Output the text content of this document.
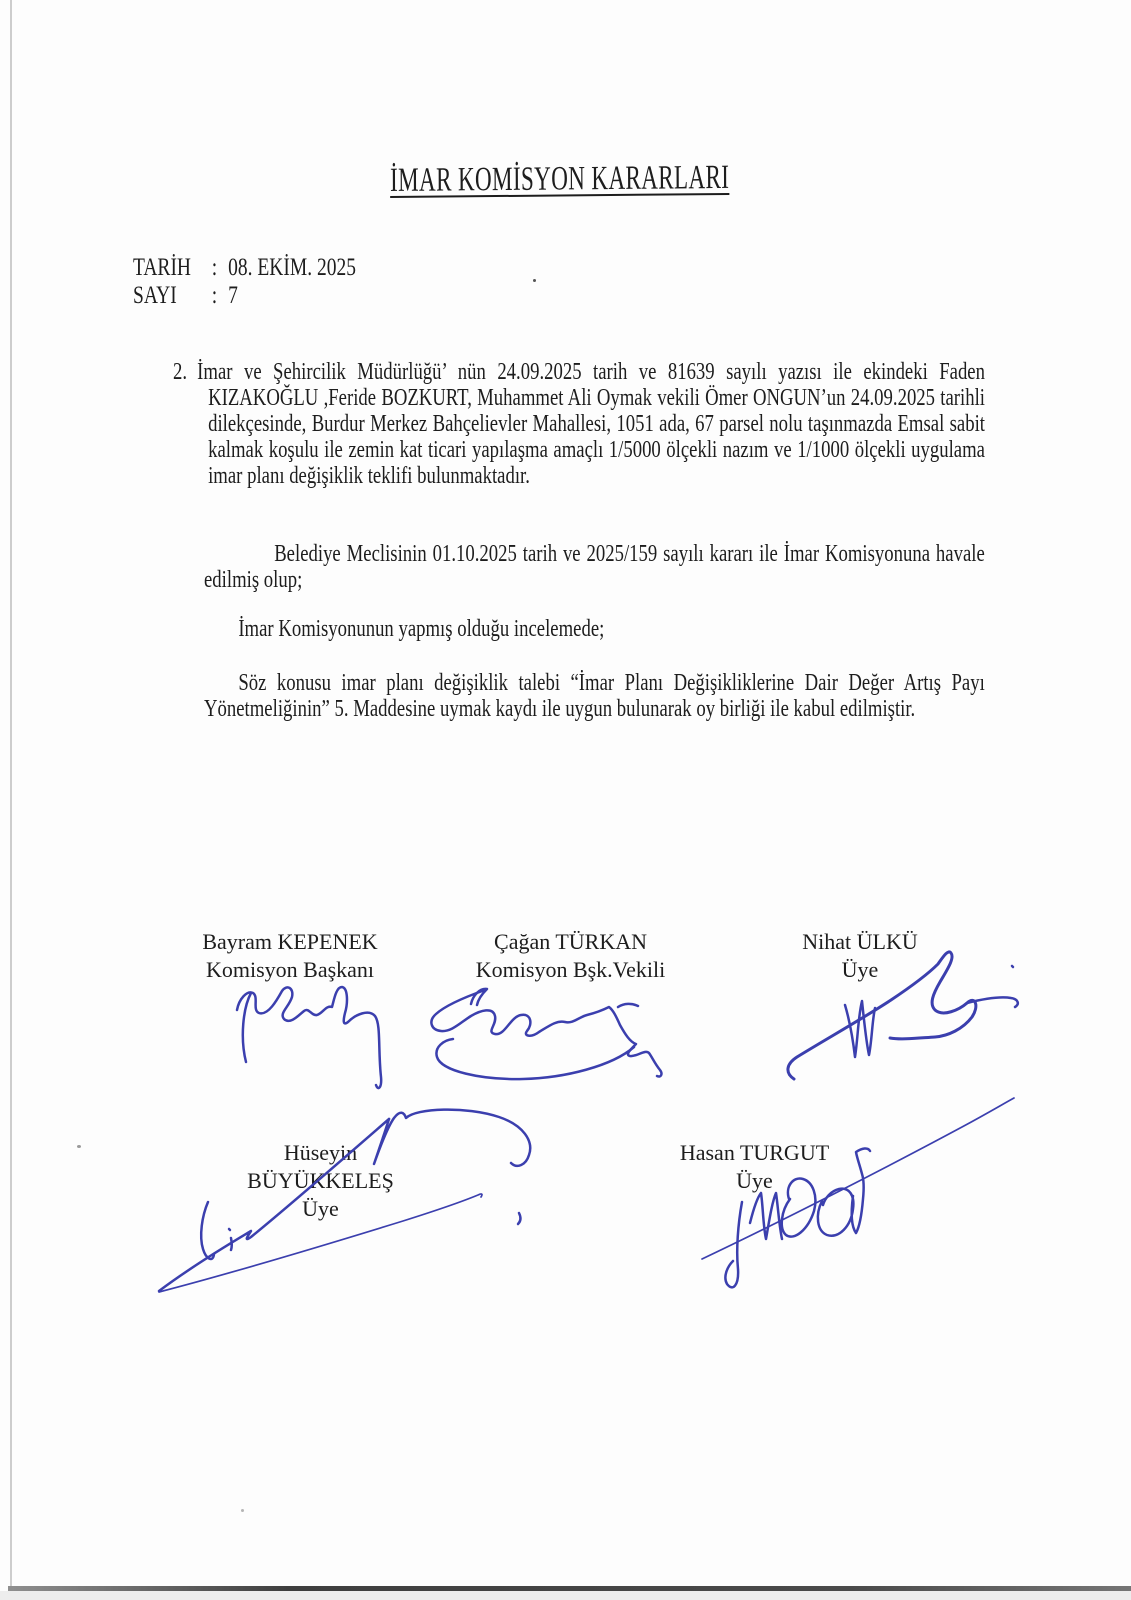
İMAR KOMİSYON KARARLARI
TARİH : 08. EKİM. 2025
SAYI : 7
2. İmar ve Şehircilik Müdürlüğü’ nün 24.09.2025 tarih ve 81639 sayılı yazısı ile ekindeki Faden KIZAKOĞLU ,Feride BOZKURT, Muhammet Ali Oymak vekili Ömer ONGUN’un 24.09.2025 tarihli dilekçesinde, Burdur Merkez Bahçelievler Mahallesi, 1051 ada, 67 parsel nolu taşınmazda Emsal sabit kalmak koşulu ile zemin kat ticari yapılaşma amaçlı 1/5000 ölçekli nazım ve 1/1000 ölçekli uygulama imar planı değişiklik teklifi bulunmaktadır.

Belediye Meclisinin 01.10.2025 tarih ve 2025/159 sayılı kararı ile İmar Komisyonuna havale edilmiş olup;
İmar Komisyonunun yapmış olduğu incelemede;
Söz konusu imar planı değişiklik talebi “İmar Planı Değişikliklerine Dair Değer Artış Payı Yönetmeliğinin” 5. Maddesine uymak kaydı ile uygun bulunarak oy birliği ile kabul edilmiştir.
Bayram KEPENEK
Komisyon Başkanı
Çağan TÜRKAN
Komisyon Bşk.Vekili
Nihat ÜLKÜ
Üye
Hüseyin BÜYÜKKELEŞ
Üye
Hasan TURGUT
Üye
